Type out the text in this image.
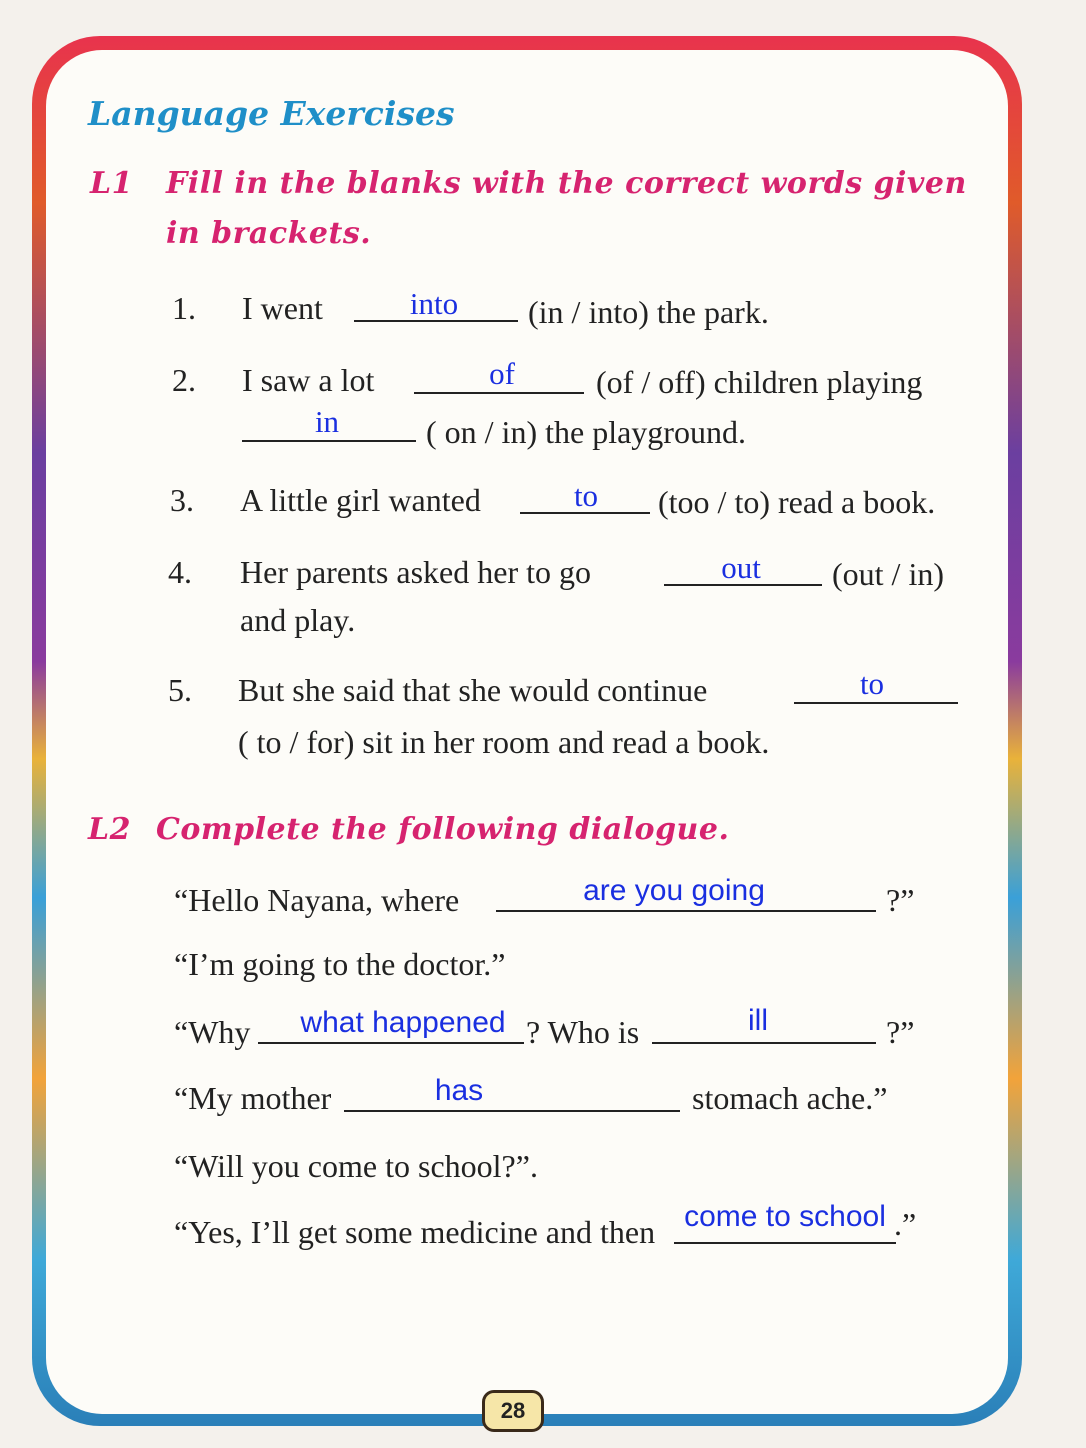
Language Exercises
L1 Fill in the blanks with the correct words given
in brackets.
1. I went	into	(in / into) the park.
2. I saw a lot	of	(of / off) children playing
in	( on / in) the playground.
3. A little girl wanted	to	(too / to) read a book.
4. Her parents asked her to go	out	(out / in)
and play.
5. But she said that she would continue	to
( to / for) sit in her room and read a book.
L2 Complete the following dialogue.
“Hello Nayana, where	are you going	?”
“I’m going to the doctor.”
“Why	what happened ? Who is	ill	?”
“My mother	has	stomach ache.”
“Will you come to school?”.
“Yes, I’ll get some medicine and then come to school .”
28
